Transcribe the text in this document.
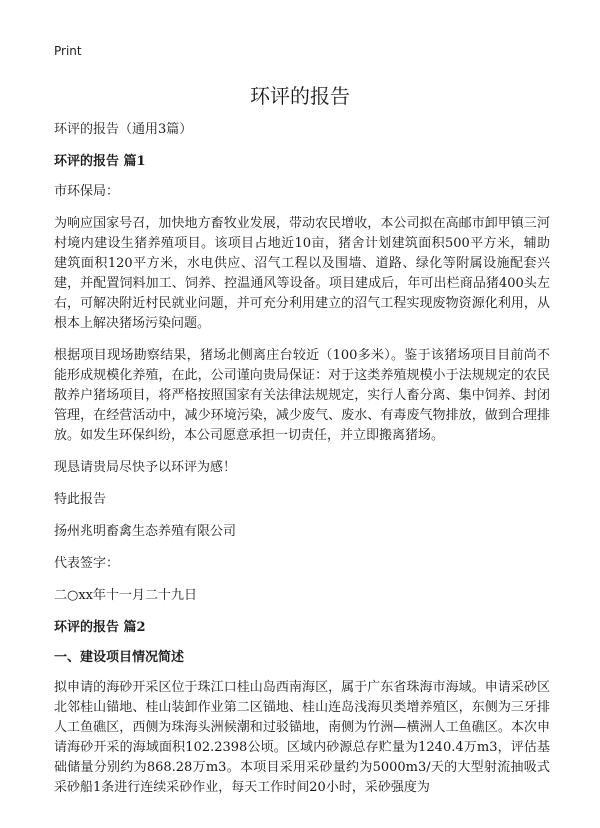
Print
环评的报告

环评的报告（通用3篇）

环评的报告 篇1

市环保局：

为响应国家号召，加快地方畜牧业发展，带动农民增收，本公司拟在高邮市卸甲镇三河村境内建设生猪养殖项目。该项目占地近10亩，猪舍计划建筑面积500平方米，辅助建筑面积120平方米，水电供应、沼气工程以及围墙、道路、绿化等附属设施配套兴建，并配置饲料加工、饲养、控温通风等设备。项目建成后，年可出栏商品猪400头左右，可解决附近村民就业问题，并可充分利用建立的沼气工程实现废物资源化利用，从根本上解决猪场污染问题。

根据项目现场勘察结果，猪场北侧离庄台较近（100多米）。鉴于该猪场项目目前尚不能形成规模化养殖，在此，公司谨向贵局保证：对于这类养殖规模小于法规规定的农民散养户猪场项目，将严格按照国家有关法律法规规定，实行人畜分离、集中饲养、封闭管理，在经营活动中，减少环境污染，减少废气、废水、有毒废气物排放，做到合理排放。如发生环保纠纷，本公司愿意承担一切责任，并立即搬离猪场。

现恳请贵局尽快予以环评为感！

特此报告

扬州兆明畜禽生态养殖有限公司

代表签字：

二○xx年十一月二十九日

环评的报告 篇2

一、建设项目情况简述

拟申请的海砂开采区位于珠江口桂山岛西南海区，属于广东省珠海市海域。申请采砂区北邻桂山锚地、桂山装卸作业第二区锚地、桂山连岛浅海贝类增养殖区，东侧为三牙排人工鱼礁区，西侧为珠海头洲候潮和过驳锚地，南侧为竹洲—横洲人工鱼礁区。本次申请海砂开采的海域面积102.2398公顷。区域内砂源总存贮量为1240.4万m3，评估基础储量分别约为868.28万m3。本项目采用采砂量约为5000m3/天的大型射流抽吸式采砂船1条进行连续采砂作业，每天工作时间20小时，采砂强度为
